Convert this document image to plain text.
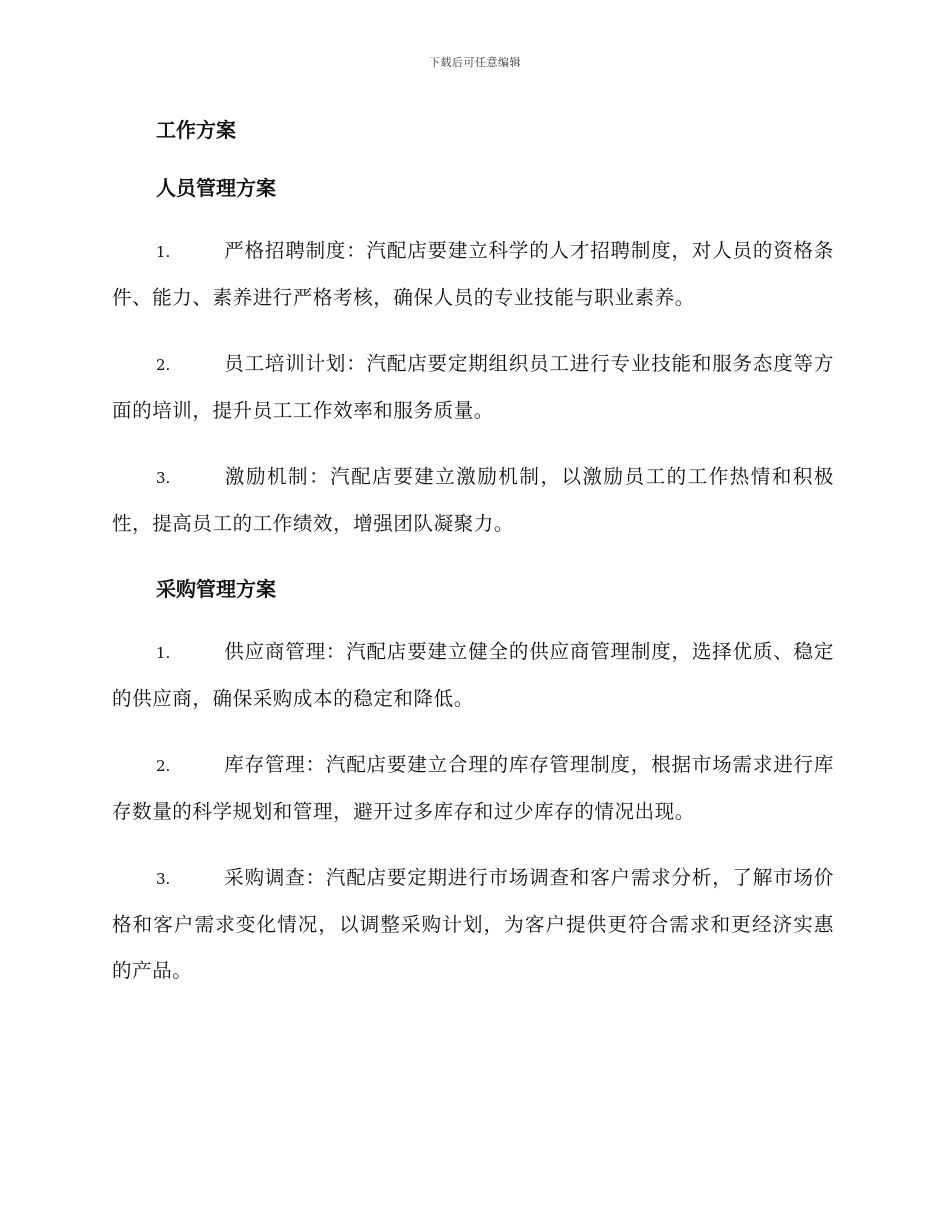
下载后可任意编辑
工作方案
人员管理方案

1.	严格招聘制度：汽配店要建立科学的人才招聘制度，对人员的资格条件、能力、素养进行严格考核，确保人员的专业技能与职业素养。

2.	员工培训计划：汽配店要定期组织员工进行专业技能和服务态度等方面的培训，提升员工工作效率和服务质量。

3.	激励机制：汽配店要建立激励机制，以激励员工的工作热情和积极性，提高员工的工作绩效，增强团队凝聚力。

采购管理方案

1.	供应商管理：汽配店要建立健全的供应商管理制度，选择优质、稳定的供应商，确保采购成本的稳定和降低。

2.	库存管理：汽配店要建立合理的库存管理制度，根据市场需求进行库存数量的科学规划和管理，避开过多库存和过少库存的情况出现。

3.	采购调查：汽配店要定期进行市场调查和客户需求分析，了解市场价格和客户需求变化情况，以调整采购计划，为客户提供更符合需求和更经济实惠的产品。
